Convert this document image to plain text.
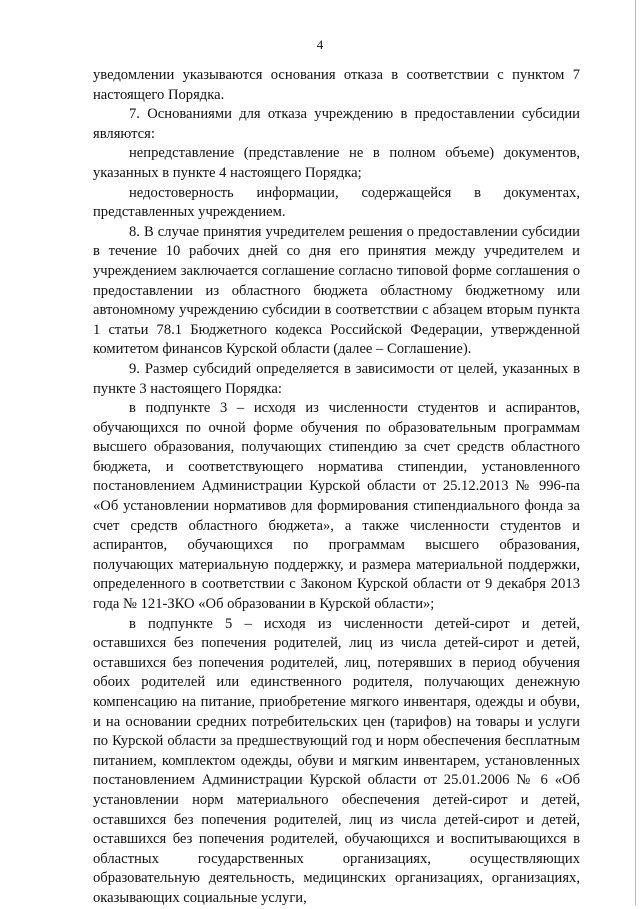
4

уведомлении указываются основания отказа в соответствии с пунктом 7 настоящего Порядка.

7. Основаниями для отказа учреждению в предоставлении субсидии являются:

непредставление (представление не в полном объеме) документов, указанных в пункте 4 настоящего Порядка;

недостоверность информации, содержащейся в документах, представленных учреждением.

8. В случае принятия учредителем решения о предоставлении субсидии в течение 10 рабочих дней со дня его принятия между учредителем и учреждением заключается соглашение согласно типовой форме соглашения о предоставлении из областного бюджета областному бюджетному или автономному учреждению субсидии в соответствии с абзацем вторым пункта 1 статьи 78.1 Бюджетного кодекса Российской Федерации, утвержденной комитетом финансов Курской области (далее – Соглашение).

9. Размер субсидий определяется в зависимости от целей, указанных в пункте 3 настоящего Порядка:

в подпункте 3 – исходя из численности студентов и аспирантов, обучающихся по очной форме обучения по образовательным программам высшего образования, получающих стипендию за счет средств областного бюджета, и соответствующего норматива стипендии, установленного постановлением Администрации Курской области от 25.12.2013 № 996-па «Об установлении нормативов для формирования стипендиального фонда за счет средств областного бюджета», а также численности студентов и аспирантов, обучающихся по программам высшего образования, получающих материальную поддержку, и размера материальной поддержки, определенного в соответствии с Законом Курской области от 9 декабря 2013 года № 121-ЗКО «Об образовании в Курской области»;

в подпункте 5 – исходя из численности детей-сирот и детей, оставшихся без попечения родителей, лиц из числа детей-сирот и детей, оставшихся без попечения родителей, лиц, потерявших в период обучения обоих родителей или единственного родителя, получающих денежную компенсацию на питание, приобретение мягкого инвентаря, одежды и обуви, и на основании средних потребительских цен (тарифов) на товары и услуги по Курской области за предшествующий год и норм обеспечения бесплатным питанием, комплектом одежды, обуви и мягким инвентарем, установленных постановлением Администрации Курской области от 25.01.2006 № 6 «Об установлении норм материального обеспечения детей-сирот и детей, оставшихся без попечения родителей, лиц из числа детей-сирот и детей, оставшихся без попечения родителей, обучающихся и воспитывающихся в областных государственных организациях, осуществляющих образовательную деятельность, медицинских организациях, организациях, оказывающих социальные услуги,
